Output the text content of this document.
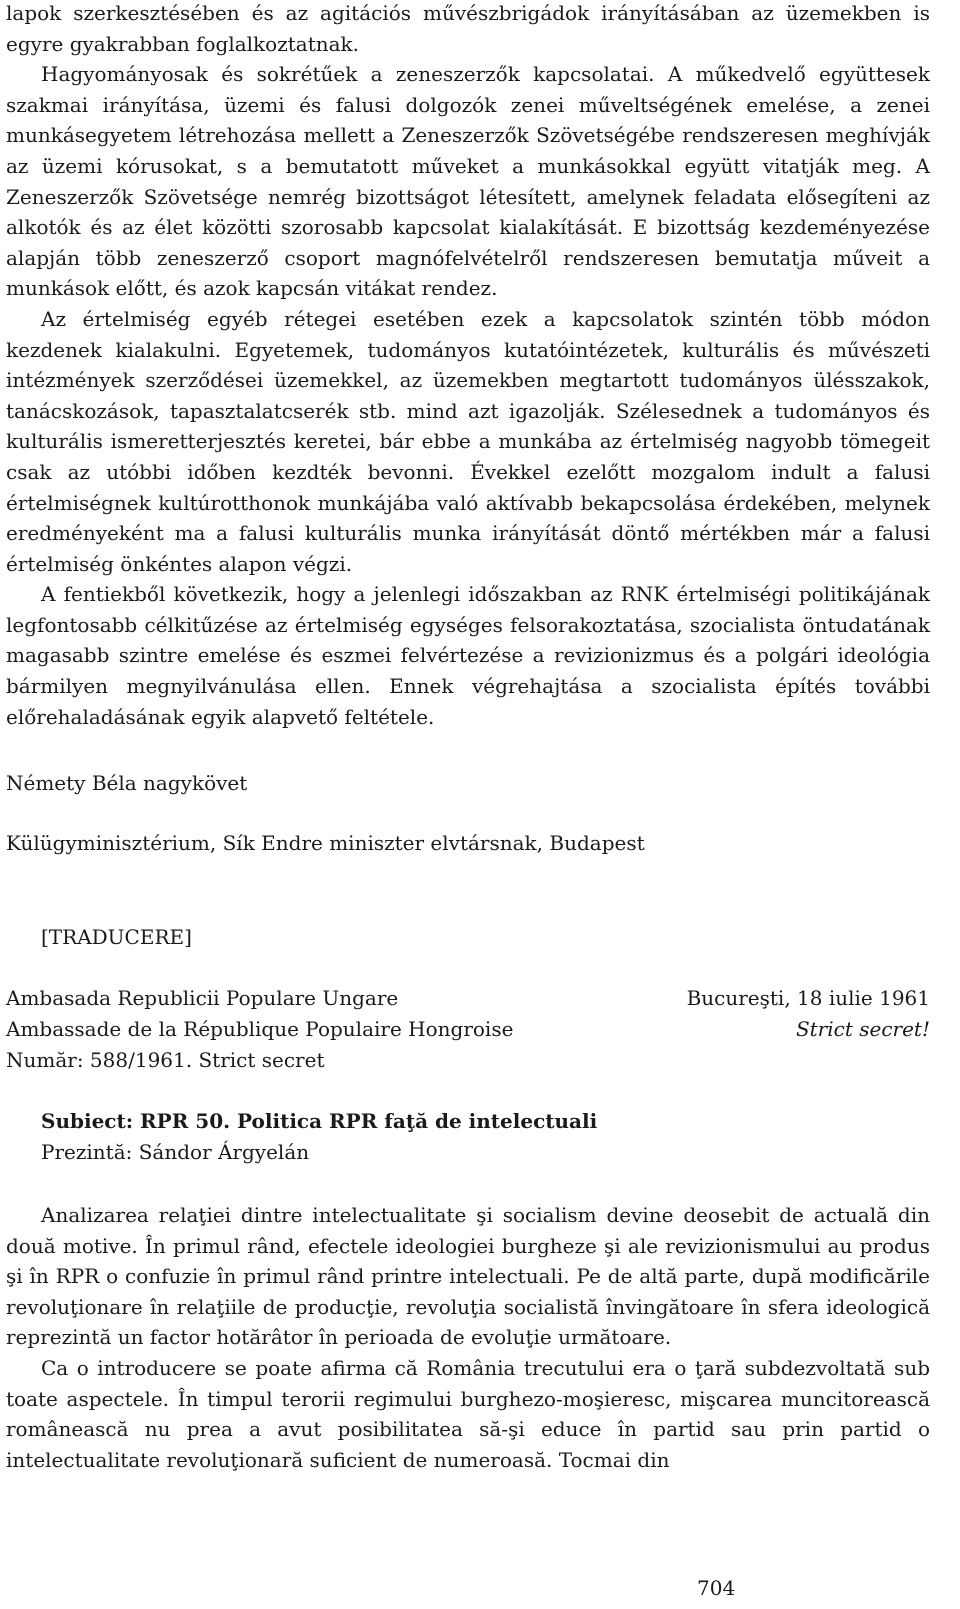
lapok szerkesztésében és az agitációs művészbrigádok irányításában az üzemekben is egyre gyakrabban foglalkoztatnak.

Hagyományosak és sokrétűek a zeneszerzők kapcsolatai. A műkedvelő együttesek szakmai irányítása, üzemi és falusi dolgozók zenei műveltségének emelése, a zenei munkásegyetem létrehozása mellett a Zeneszerzők Szövetségébe rendszeresen meghívják az üzemi kórusokat, s a bemutatott műveket a munkásokkal együtt vitatják meg. A Zeneszerzők Szövetsége nemrég bizottságot létesített, amelynek feladata elősegíteni az alkotók és az élet közötti szorosabb kapcsolat kialakítását. E bizottság kezdeményezése alapján több zeneszerző csoport magnófelvételről rendszeresen bemutatja műveit a munkások előtt, és azok kapcsán vitákat rendez.

Az értelmiség egyéb rétegei esetében ezek a kapcsolatok szintén több módon kezdenek kialakulni. Egyetemek, tudományos kutatóintézetek, kulturális és művészeti intézmények szerződései üzemekkel, az üzemekben megtartott tudományos ülésszakok, tanácskozások, tapasztalatcserék stb. mind azt igazolják. Szélesednek a tudományos és kulturális ismeretterjesztés keretei, bár ebbe a munkába az értelmiség nagyobb tömegeit csak az utóbbi időben kezdték bevonni. Évekkel ezelőtt mozgalom indult a falusi értelmiségnek kultúrotthonok munkájába való aktívabb bekapcsolása érdekében, melynek eredményeként ma a falusi kulturális munka irányítását döntő mértékben már a falusi értelmiség önkéntes alapon végzi.

A fentiekből következik, hogy a jelenlegi időszakban az RNK értelmiségi politikájának legfontosabb célkitűzése az értelmiség egységes felsorakoztatása, szocialista öntudatának magasabb szintre emelése és eszmei felvértezése a revizionizmus és a polgári ideológia bármilyen megnyilvánulása ellen. Ennek végrehajtása a szocialista építés további előrehaladásának egyik alapvető feltétele.

Némety Béla nagykövet
Külügyminisztérium, Sík Endre miniszter elvtársnak, Budapest
[TRADUCERE]
Ambasada Republicii Populare Ungare	Bucureşti, 18 iulie 1961
Ambassade de la République Populaire Hongroise	Strict secret!
Număr: 588/1961. Strict secret
Subiect: RPR 50. Politica RPR faţă de intelectuali
Prezintă: Sándor Árgyelán

Analizarea relaţiei dintre intelectualitate şi socialism devine deosebit de actuală din două motive. În primul rând, efectele ideologiei burgheze şi ale revizionismului au produs şi în RPR o confuzie în primul rând printre intelectuali. Pe de altă parte, după modificările revoluţionare în relaţiile de producţie, revoluţia socialistă învingătoare în sfera ideologică reprezintă un factor hotărâtor în perioada de evoluţie următoare.

Ca o introducere se poate afirma că România trecutului era o ţară subdezvoltată sub toate aspectele. În timpul terorii regimului burghezo-moşieresc, mişcarea muncitorească românească nu prea a avut posibilitatea să-şi educe în partid sau prin partid o intelectualitate revoluţionară suficient de numeroasă. Tocmai din

704
